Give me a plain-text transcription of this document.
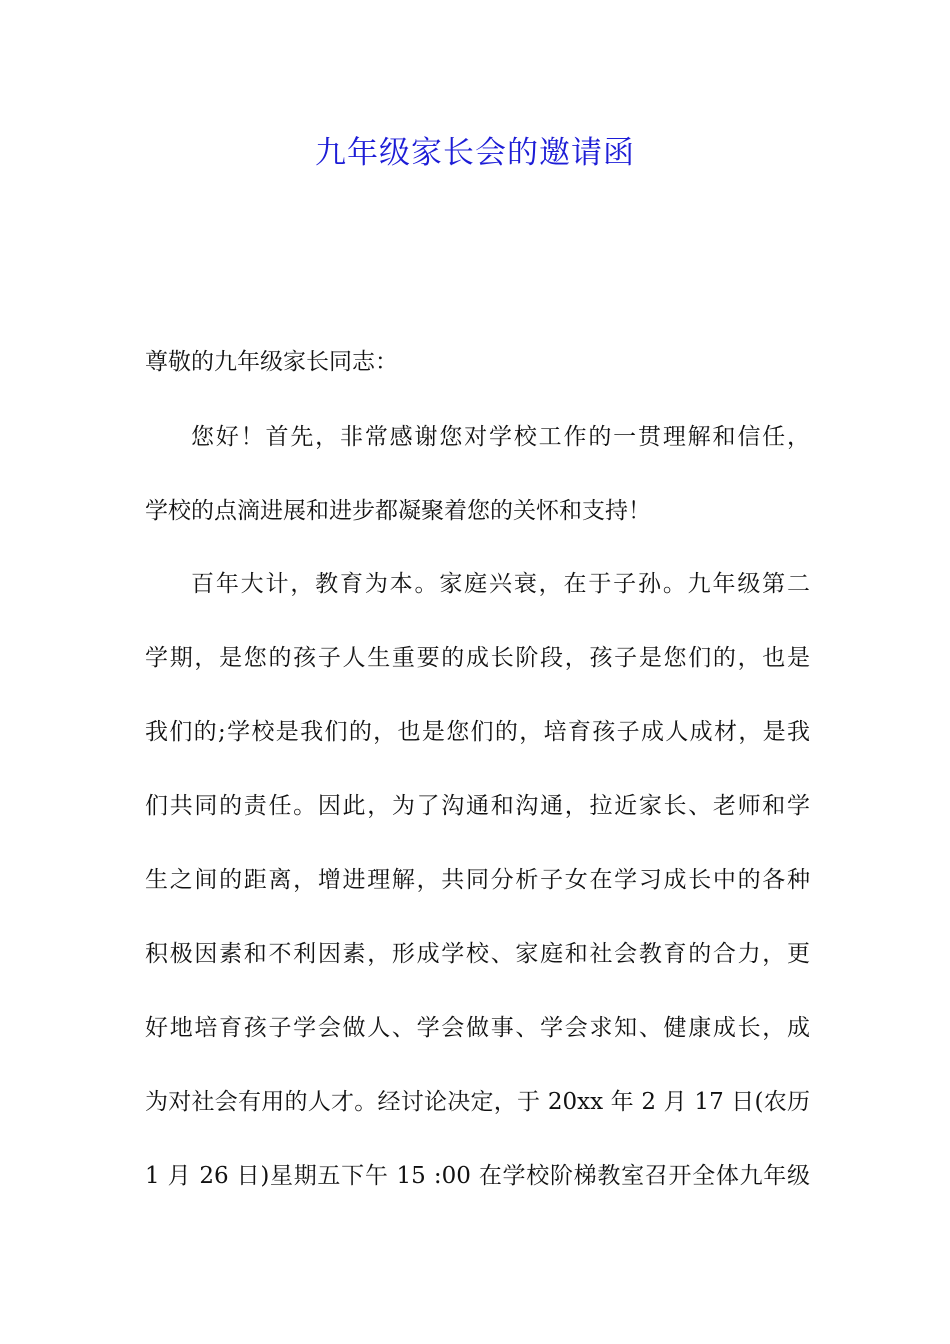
九年级家长会的邀请函
尊敬的九年级家长同志：
您好！首先，非常感谢您对学校工作的一贯理解和信任，
学校的点滴进展和进步都凝聚着您的关怀和支持！
百年大计，教育为本。家庭兴衰，在于子孙。九年级第二
学期，是您的孩子人生重要的成长阶段，孩子是您们的，也是
我们的;学校是我们的，也是您们的，培育孩子成人成材，是我
们共同的责任。因此，为了沟通和沟通，拉近家长、老师和学
生之间的距离，增进理解，共同分析子女在学习成长中的各种
积极因素和不利因素，形成学校、家庭和社会教育的合力，更
好地培育孩子学会做人、学会做事、学会求知、健康成长，成
为对社会有用的人才。经讨论决定，于 20xx 年 2 月 17 日(农历
1 月 26 日)星期五下午 15 :00 在学校阶梯教室召开全体九年级
